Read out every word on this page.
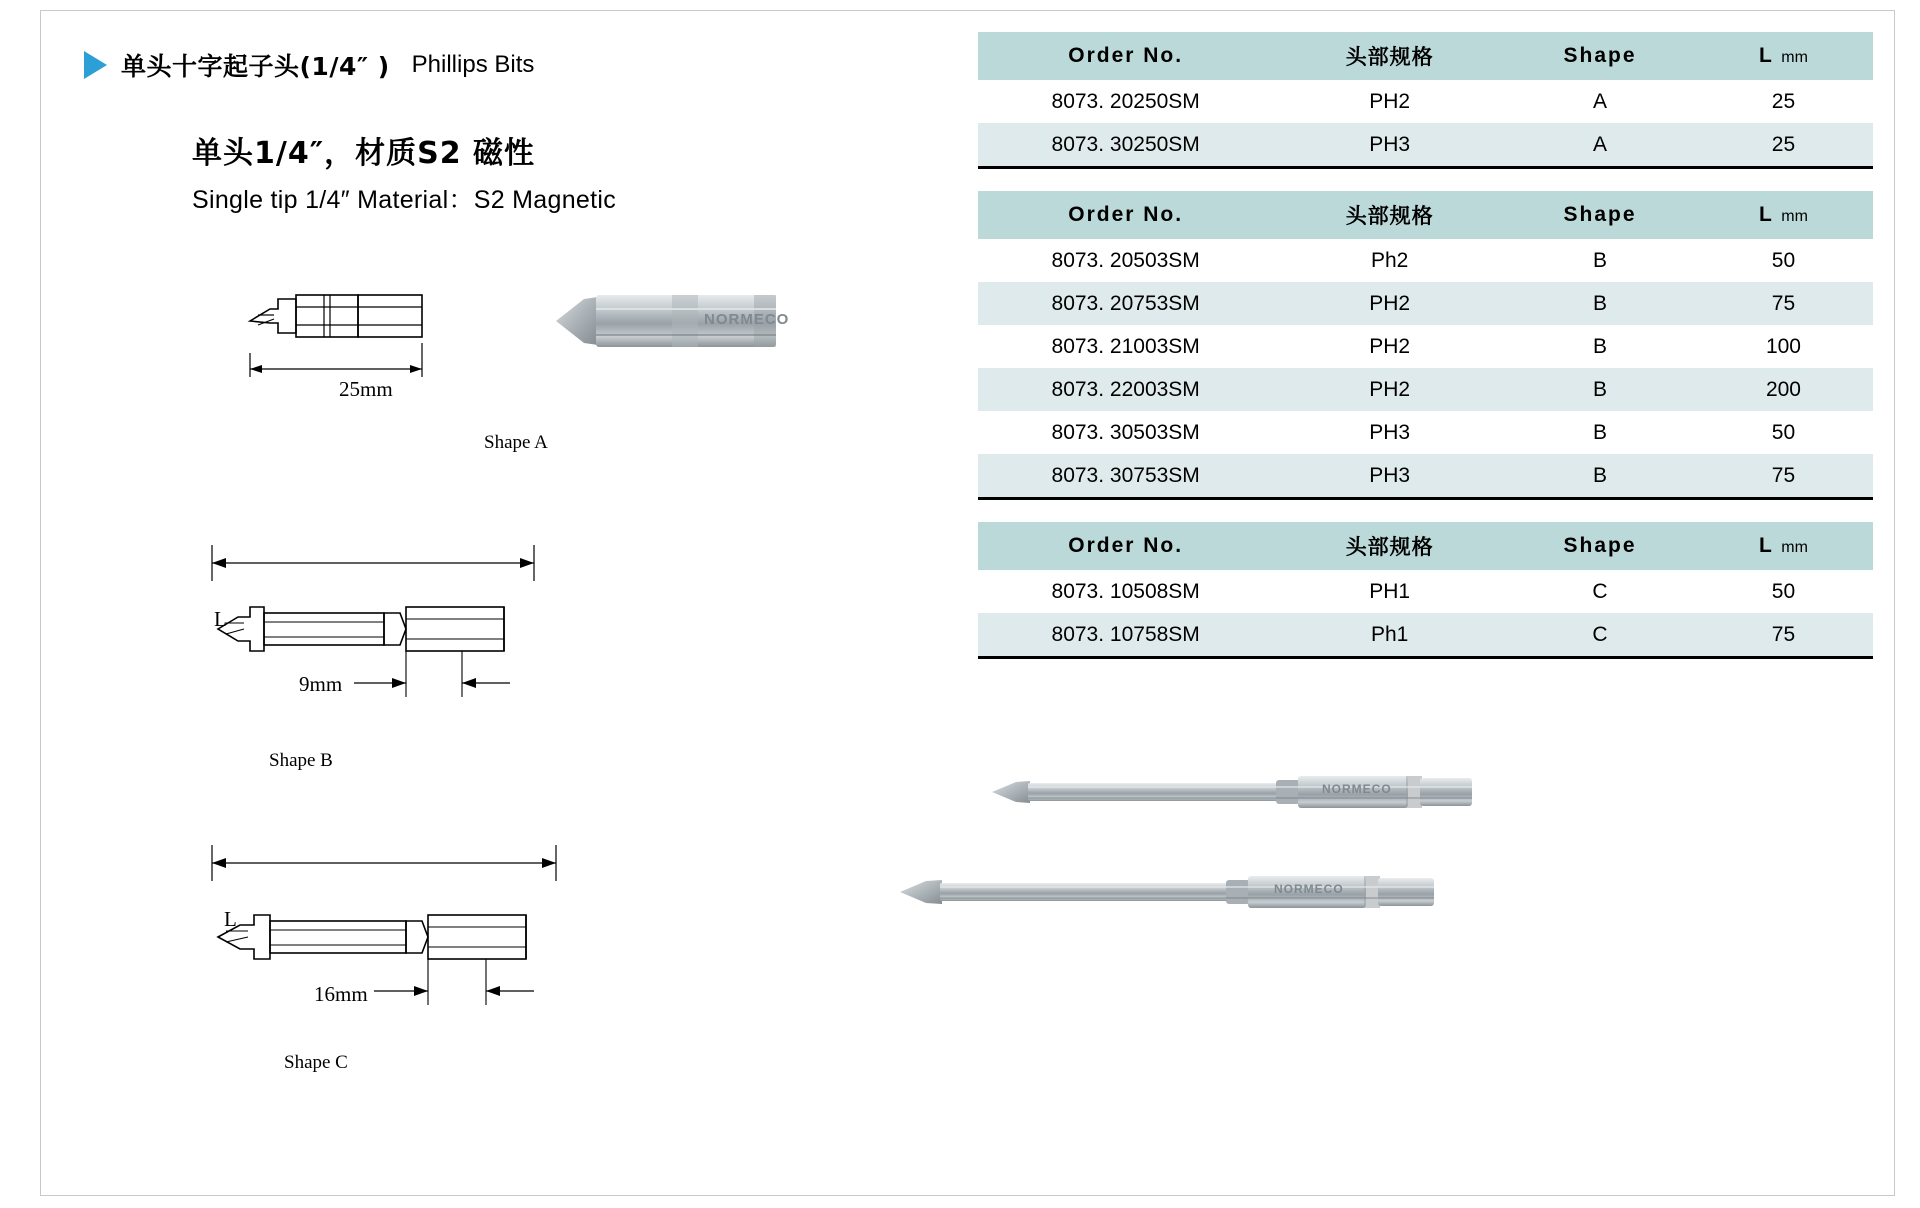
单头十字起子头(1/4″ ) Phillips Bits
单头1/4″，材质S2 磁性
Single tip 1/4″ Material：S2 Magnetic
25mm
Shape A
NORMECO
L
9mm
Shape B
L
16mm
Shape C
Order No.	头部规格	Shape	L mm
8073. 20250SM	PH2	A	25
8073. 30250SM	PH3	A	25
Order No.	头部规格	Shape	L mm
8073. 20503SM	Ph2	B	50
8073. 20753SM	PH2	B	75
8073. 21003SM	PH2	B	100
8073. 22003SM	PH2	B	200
8073. 30503SM	PH3	B	50
8073. 30753SM	PH3	B	75
Order No.	头部规格	Shape	L mm
8073. 10508SM	PH1	C	50
8073. 10758SM	Ph1	C	75
NORMECO
NORMECO
